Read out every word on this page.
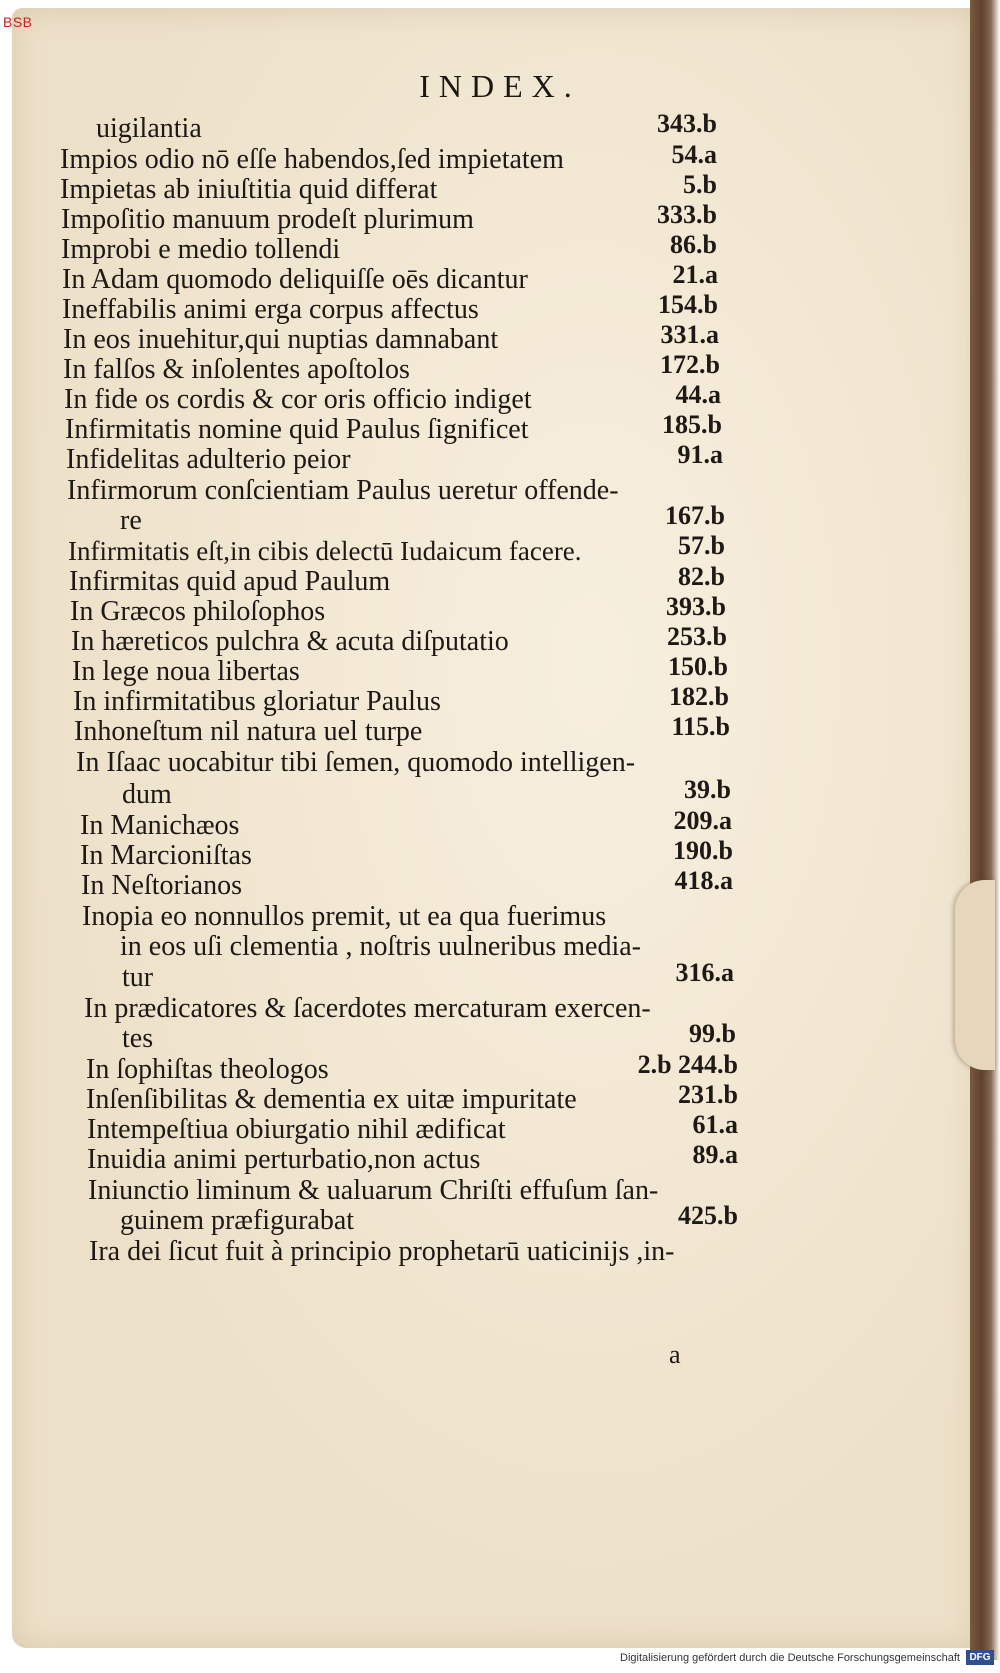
BSB
INDEX.
uigilantia	343.b
Impios odio nō eſſe habendos,ſed impietatem	54.a
Impietas ab iniuſtitia quid differat	5.b
Impoſitio manuum prodeſt plurimum	333.b
Improbi e medio tollendi	86.b
In Adam quomodo deliquiſſe oēs dicantur	21.a
Ineffabilis animi erga corpus affectus	154.b
In eos inuehitur,qui nuptias damnabant	331.a
In falſos & inſolentes apoſtolos	172.b
In fide os cordis & cor oris officio indiget	44.a
Infirmitatis nomine quid Paulus ſignificet	185.b
Infidelitas adulterio peior	91.a
Infirmorum conſcientiam Paulus ueretur offende-
re	167.b
Infirmitatis eſt,in cibis delectū Iudaicum facere.	57.b
Infirmitas quid apud Paulum	82.b
In Græcos philoſophos	393.b
In hæreticos pulchra & acuta diſputatio	253.b
In lege noua libertas	150.b
In infirmitatibus gloriatur Paulus	182.b
Inhoneſtum nil natura uel turpe	115.b
In Iſaac uocabitur tibi ſemen, quomodo intelligen-
dum	39.b
In Manichæos	209.a
In Marcioniſtas	190.b
In Neſtorianos	418.a
Inopia eo nonnullos premit, ut ea qua fuerimus
in eos uſi clementia , noſtris uulneribus media-
tur	316.a
In prædicatores & ſacerdotes mercaturam exercen-
tes	99.b
In ſophiſtas theologos	2.b 244.b
Inſenſibilitas & dementia ex uitæ impuritate	231.b
Intempeſtiua obiurgatio nihil ædificat	61.a
Inuidia animi perturbatio,non actus	89.a
Iniunctio liminum & ualuarum Chriſti effuſum ſan-
guinem præfigurabat	425.b
Ira dei ſicut fuit à principio prophetarū uaticinijs ,in-
a
Digitalisierung gefördert durch die Deutsche Forschungsgemeinschaft DFG
